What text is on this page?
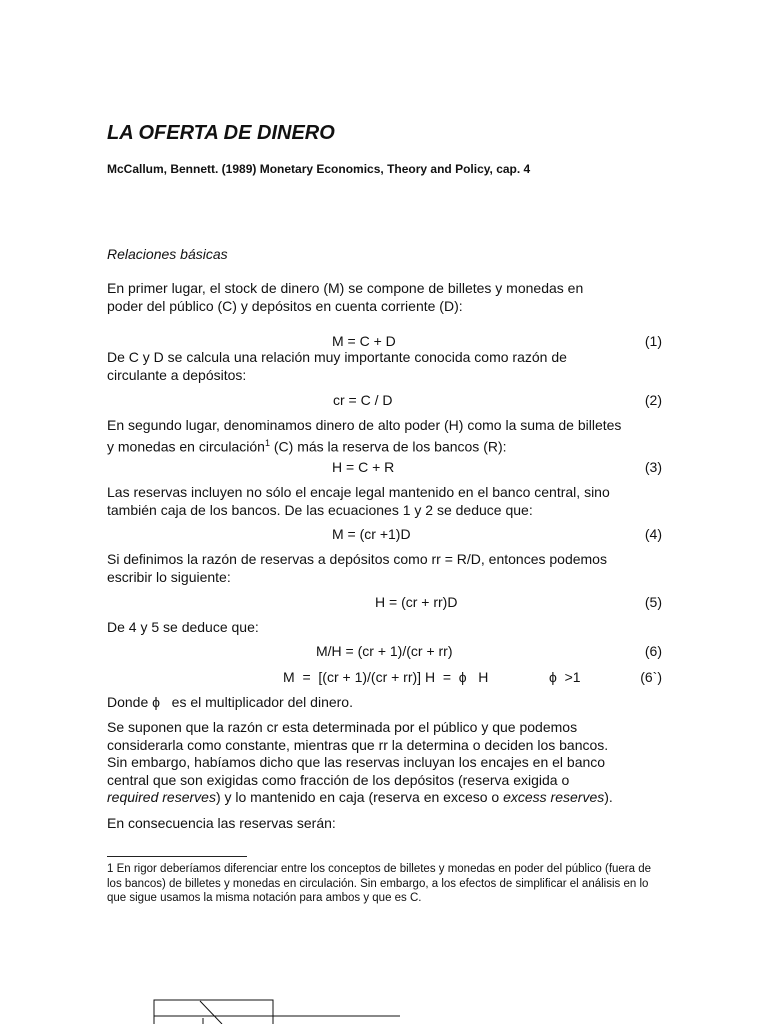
LA OFERTA DE DINERO
McCallum, Bennett. (1989) Monetary Economics, Theory and Policy, cap. 4
Relaciones básicas
En primer lugar, el stock de dinero (M) se compone de billetes y monedas en
poder del público (C) y depósitos en cuenta corriente (D):
M = C + D	(1)
De C y D se calcula una relación muy importante conocida como razón de
circulante a depósitos:
cr = C / D	(2)
En segundo lugar, denominamos dinero de alto poder (H) como la suma de billetes
y monedas en circulación$^1$ (C) más la reserva de los bancos (R):
H = C + R	(3)
Las reservas incluyen no sólo el encaje legal mantenido en el banco central, sino
también caja de los bancos. De las ecuaciones 1 y 2 se deduce que:
M = (cr +1)D	(4)
Si definimos la razón de reservas a depósitos como rr = R/D, entonces podemos
escribir lo siguiente:
H = (cr + rr)D	(5)
De 4 y 5 se deduce que:
M/H = (cr + 1)/(cr + rr)	(6)
M  =  [(cr + 1)/(cr + rr)] H  =  ϕ   H	ϕ  >1	(6`)
Donde ϕ   es el multiplicador del dinero.
Se suponen que la razón cr esta determinada por el público y que podemos
considerarla como constante, mientras que rr la determina o deciden los bancos.
Sin embargo, habíamos dicho que las reservas incluyan los encajes en el banco
central que son exigidas como fracción de los depósitos (reserva exigida o
required reserves) y lo mantenido en caja (reserva en exceso o excess reserves).
En consecuencia las reservas serán:
1 En rigor deberíamos diferenciar entre los conceptos de billetes y monedas en poder del público (fuera de los bancos) de billetes y monedas en circulación. Sin embargo, a los efectos de simplificar el análisis en lo que sigue usamos la misma notación para ambos y que es C.
